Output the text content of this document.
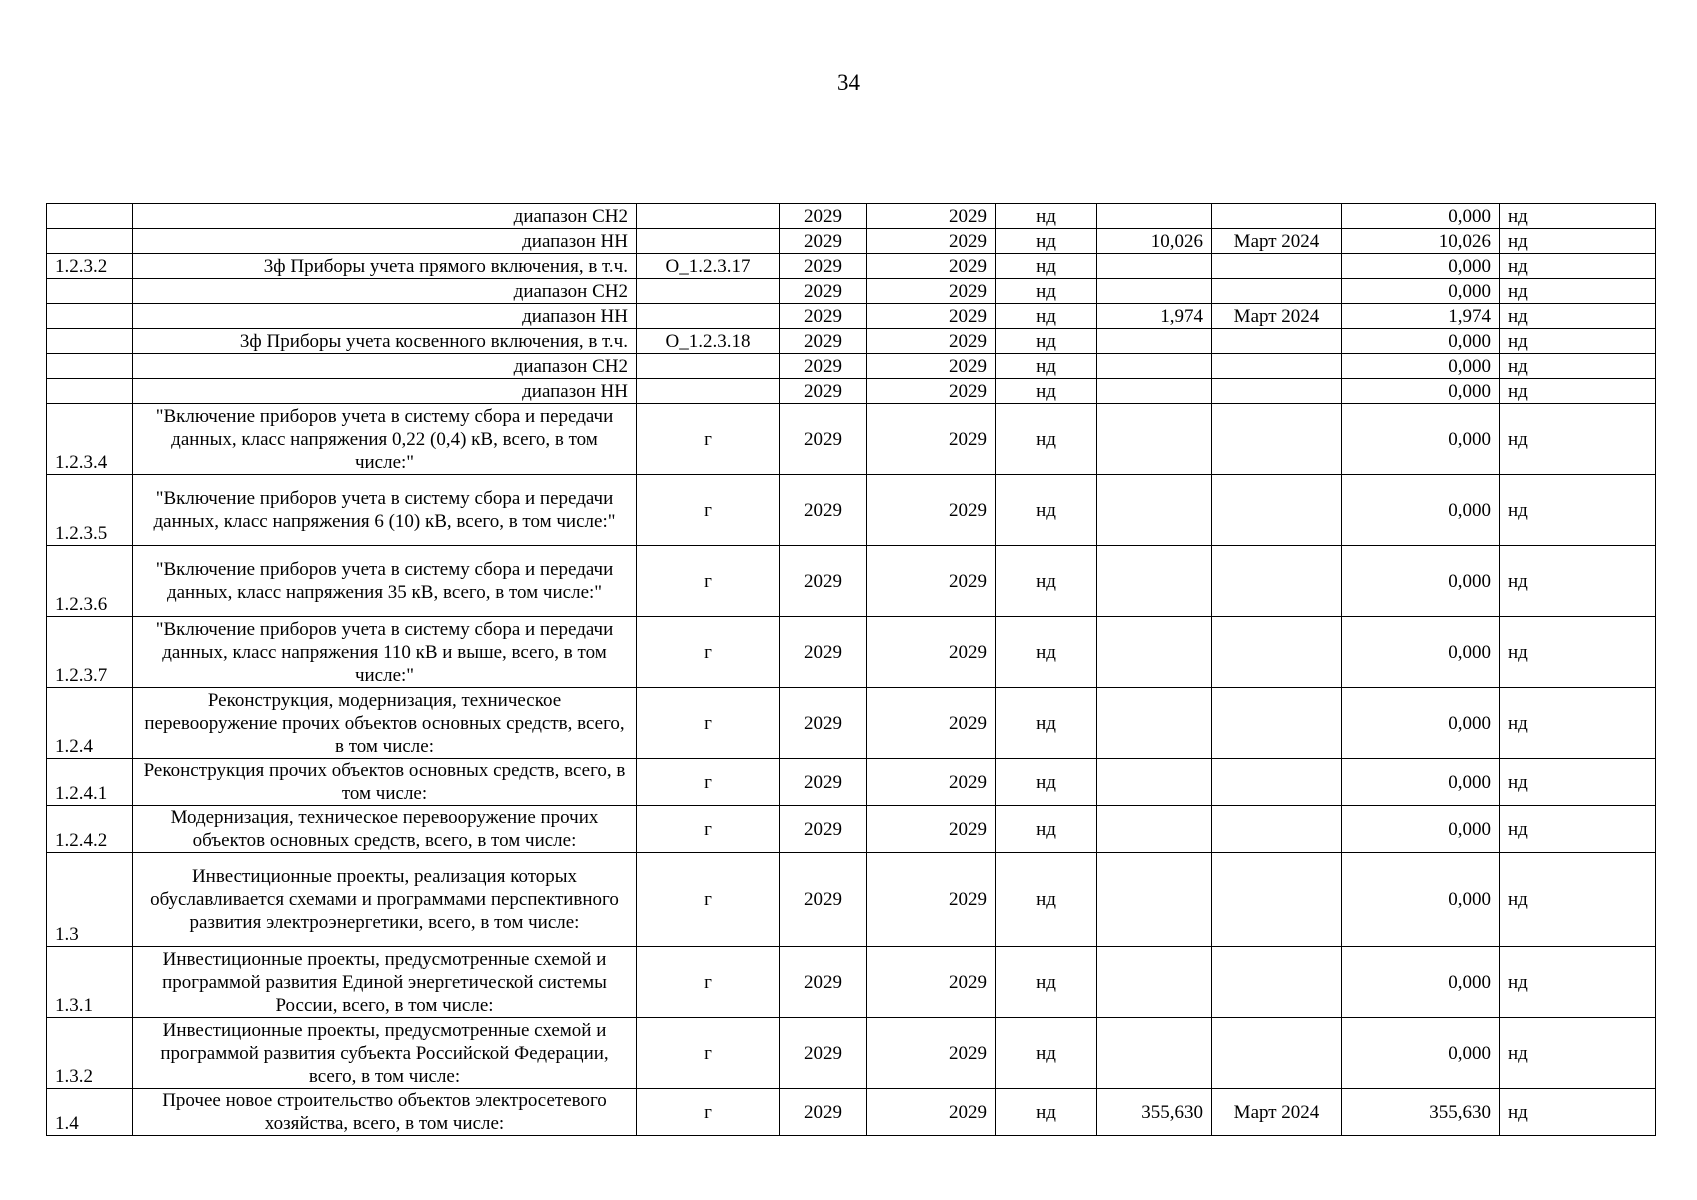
34
	диапазон СН2		2029	2029	нд			0,000	нд
	диапазон НН		2029	2029	нд	10,026	Март 2024	10,026	нд
1.2.3.2	3ф Приборы учета прямого включения, в т.ч.	О_1.2.3.17	2029	2029	нд			0,000	нд
	диапазон СН2		2029	2029	нд			0,000	нд
	диапазон НН		2029	2029	нд	1,974	Март 2024	1,974	нд
	3ф Приборы учета косвенного включения, в т.ч.	О_1.2.3.18	2029	2029	нд			0,000	нд
	диапазон СН2		2029	2029	нд			0,000	нд
	диапазон НН		2029	2029	нд			0,000	нд
1.2.3.4	"Включение приборов учета в систему сбора и передачи данных, класс напряжения 0,22 (0,4) кВ, всего, в том числе:"	г	2029	2029	нд			0,000	нд
1.2.3.5	"Включение приборов учета в систему сбора и передачи данных, класс напряжения 6 (10) кВ, всего, в том числе:"	г	2029	2029	нд			0,000	нд
1.2.3.6	"Включение приборов учета в систему сбора и передачи данных, класс напряжения 35 кВ, всего, в том числе:"	г	2029	2029	нд			0,000	нд
1.2.3.7	"Включение приборов учета в систему сбора и передачи данных, класс напряжения 110 кВ и выше, всего, в том числе:"	г	2029	2029	нд			0,000	нд
1.2.4	Реконструкция, модернизация, техническое перевооружение прочих объектов основных средств, всего, в том числе:	г	2029	2029	нд			0,000	нд
1.2.4.1	Реконструкция прочих объектов основных средств, всего, в том числе:	г	2029	2029	нд			0,000	нд
1.2.4.2	Модернизация, техническое перевооружение прочих объектов основных средств, всего, в том числе:	г	2029	2029	нд			0,000	нд
1.3	Инвестиционные проекты, реализация которых обуславливается схемами и программами перспективного развития электроэнергетики, всего, в том числе:	г	2029	2029	нд			0,000	нд
1.3.1	Инвестиционные проекты, предусмотренные схемой и программой развития Единой энергетической системы России, всего, в том числе:	г	2029	2029	нд			0,000	нд
1.3.2	Инвестиционные проекты, предусмотренные схемой и программой развития субъекта Российской Федерации, всего, в том числе:	г	2029	2029	нд			0,000	нд
1.4	Прочее новое строительство объектов электросетевого хозяйства, всего, в том числе:	г	2029	2029	нд	355,630	Март 2024	355,630	нд
